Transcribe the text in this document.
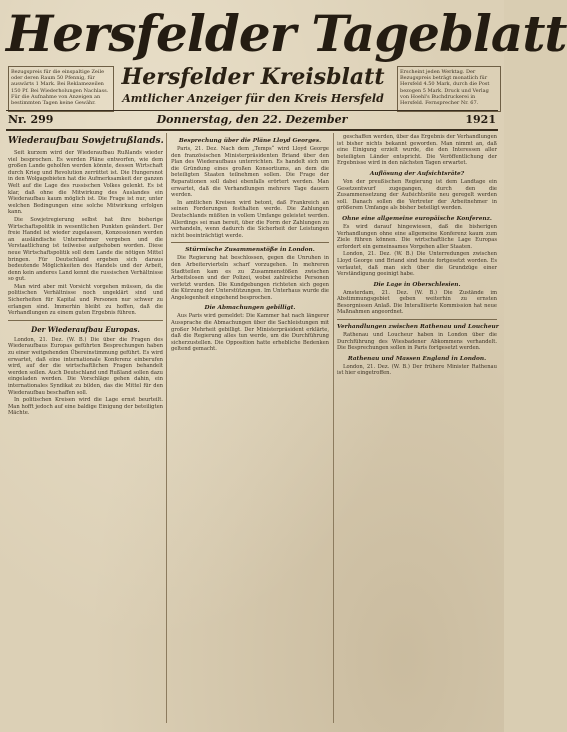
Hersfelder Tageblatt
Bezugspreis für die einspaltige Zeile oder deren Raum 50 Pfennig, für auswärts 1 Mark. Bei Reklamezeilen 150 Pf. Bei Wiederholungen Nachlass. Für die Aufnahme von Anzeigen an bestimmten Tagen keine Gewähr.
Hersfelder Kreisblatt
Amtlicher Anzeiger für den Kreis Hersfeld
Erscheint jeden Werktag. Der Bezugspreis beträgt monatlich für Hersfeld 4.50 Mark, durch die Post bezogen 5 Mark. Druck und Verlag von Hoehl's Buchdruckerei in Hersfeld. Fernsprecher Nr. 67.
Nr. 299	Donnerstag, den 22. Dezember	1921
Wiederaufbau Sowjetrußlands.

Seit kurzem wird der Wiederaufbau Rußlands wieder viel besprochen. Es werden Pläne entworfen, wie dem großen Lande geholfen werden könnte, dessen Wirtschaft durch Krieg und Revolution zerrüttet ist. Die Hungersnot in den Wolgagebieten hat die Aufmerksamkeit der ganzen Welt auf die Lage des russischen Volkes gelenkt. Es ist klar, daß ohne die Mitwirkung des Auslandes ein Wiederaufbau kaum möglich ist. Die Frage ist nur, unter welchen Bedingungen eine solche Mitwirkung erfolgen kann.

Die Sowjetregierung selbst hat ihre bisherige Wirtschaftspolitik in wesentlichen Punkten geändert. Der freie Handel ist wieder zugelassen, Konzessionen werden an ausländische Unternehmer vergeben und die Verstaatlichung ist teilweise aufgehoben worden. Diese neue Wirtschaftspolitik soll dem Lande die nötigen Mittel bringen. Für Deutschland ergeben sich daraus bedeutende Möglichkeiten des Handels und der Arbeit, denn kein anderes Land kennt die russischen Verhältnisse so gut.

Man wird aber mit Vorsicht vorgehen müssen, da die politischen Verhältnisse noch ungeklärt sind und Sicherheiten für Kapital und Personen nur schwer zu erlangen sind. Immerhin bleibt zu hoffen, daß die Verhandlungen zu einem guten Ergebnis führen.

Der Wiederaufbau Europas.

London, 21. Dez. (W. B.) Die über die Fragen des Wiederaufbaus Europas geführten Besprechungen haben zu einer weitgehenden Übereinstimmung geführt. Es wird erwartet, daß eine internationale Konferenz einberufen wird, auf der die wirtschaftlichen Fragen behandelt werden sollen. Auch Deutschland und Rußland sollen dazu eingeladen werden. Die Vorschläge gehen dahin, ein internationales Syndikat zu bilden, das die Mittel für den Wiederaufbau beschaffen soll.

In politischen Kreisen wird die Lage ernst beurteilt. Man hofft jedoch auf eine baldige Einigung der beteiligten Mächte.

Besprechung über die Pläne Lloyd Georges.

Paris, 21. Dez. Nach dem „Temps“ wird Lloyd George den französischen Ministerpräsidenten Briand über den Plan des Wiederaufbaus unterrichten. Es handelt sich um die Gründung eines großen Konsortiums, an dem die beteiligten Staaten teilnehmen sollen. Die Frage der Reparationen soll dabei ebenfalls erörtert werden. Man erwartet, daß die Verhandlungen mehrere Tage dauern werden.

In amtlichen Kreisen wird betont, daß Frankreich an seinen Forderungen festhalten werde. Die Zahlungen Deutschlands müßten in vollem Umfange geleistet werden. Allerdings sei man bereit, über die Form der Zahlungen zu verhandeln, wenn dadurch die Sicherheit der Leistungen nicht beeinträchtigt werde.

Stürmische Zusammenstöße in London.

Die Regierung hat beschlossen, gegen die Unruhen in den Arbeitervierteln scharf vorzugehen. In mehreren Stadtteilen kam es zu Zusammenstößen zwischen Arbeitslosen und der Polizei, wobei zahlreiche Personen verletzt wurden. Die Kundgebungen richteten sich gegen die Kürzung der Unterstützungen. Im Unterhaus wurde die Angelegenheit eingehend besprochen.

Die Abmachungen gebilligt.

Aus Paris wird gemeldet: Die Kammer hat nach längerer Aussprache die Abmachungen über die Sachleistungen mit großer Mehrheit gebilligt. Der Ministerpräsident erklärte, daß die Regierung alles tun werde, um die Durchführung sicherzustellen. Die Opposition hatte erhebliche Bedenken geltend gemacht.

geschaffen werden, über das Ergebnis der Verhandlungen ist bisher nichts bekannt geworden. Man nimmt an, daß eine Einigung erzielt wurde, die den Interessen aller beteiligten Länder entspricht. Die Veröffentlichung der Ergebnisse wird in den nächsten Tagen erwartet.

Auflösung der Aufsichtsräte?

Von der preußischen Regierung ist dem Landtage ein Gesetzentwurf zugegangen, durch den die Zusammensetzung der Aufsichtsräte neu geregelt werden soll. Danach sollen die Vertreter der Arbeitnehmer in größerem Umfange als bisher beteiligt werden.

Ohne eine allgemeine europäische Konferenz.

Es wird darauf hingewiesen, daß die bisherigen Verhandlungen ohne eine allgemeine Konferenz kaum zum Ziele führen können. Die wirtschaftliche Lage Europas erfordert ein gemeinsames Vorgehen aller Staaten.

London, 21. Dez. (W. B.) Die Unterredungen zwischen Lloyd George und Briand sind heute fortgesetzt worden. Es verlautet, daß man sich über die Grundzüge einer Verständigung geeinigt habe.

Die Lage in Oberschlesien.

Amsterdam, 21. Dez. (W. B.) Die Zustände im Abstimmungsgebiet geben weiterhin zu ernsten Besorgnissen Anlaß. Die Interalliierte Kommission hat neue Maßnahmen angeordnet.

Verhandlungen zwischen Rathenau und Loucheur

Rathenau und Loucheur haben in London über die Durchführung des Wiesbadener Abkommens verhandelt. Die Besprechungen sollen in Paris fortgesetzt werden.

Rathenau und Massen England in London.

London, 21. Dez. (W. B.) Der frühere Minister Rathenau ist hier eingetroffen.
